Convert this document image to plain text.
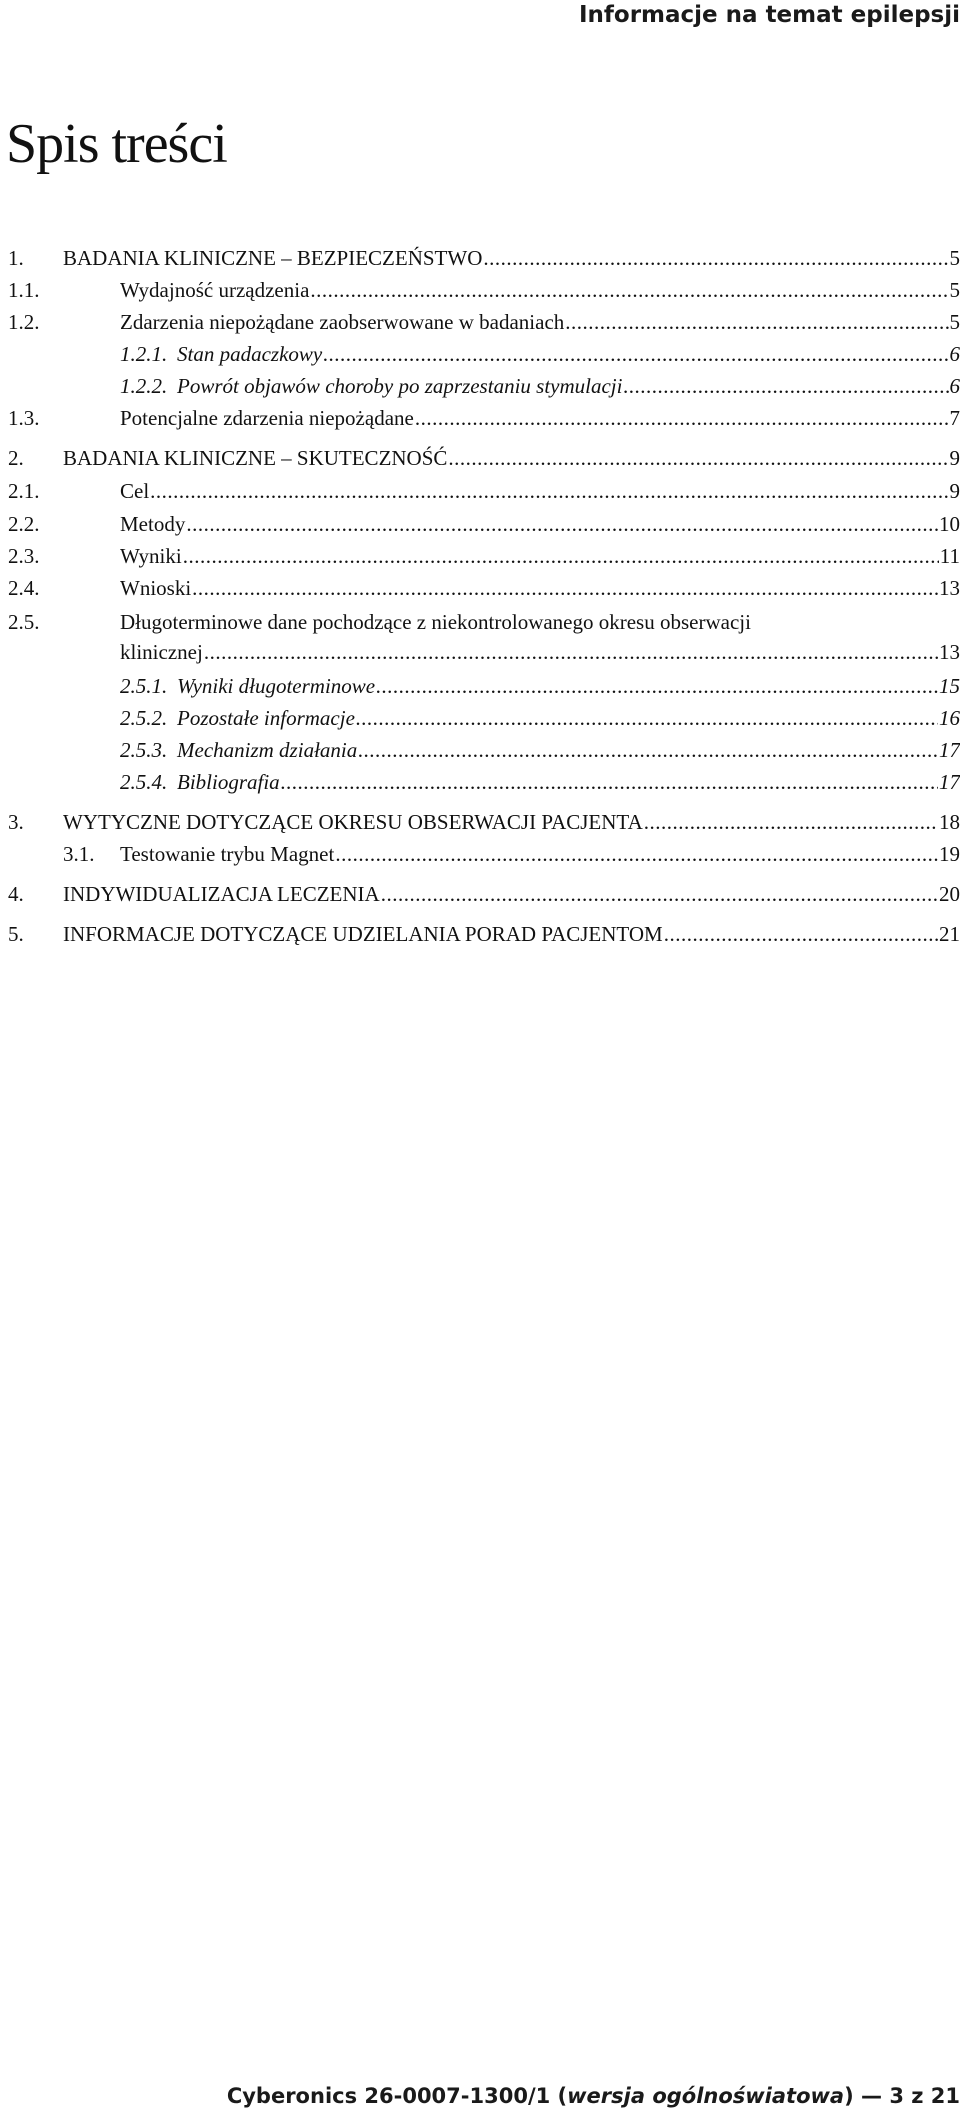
Informacje na temat epilepsji
Spis treści
1. BADANIA KLINICZNE – BEZPIECZEŃSTWO .....	5
1.1.	Wydajność urządzenia .....	5
1.2.	Zdarzenia niepożądane zaobserwowane w badaniach .....	5
1.2.1. Stan padaczkowy .....	6
1.2.2. Powrót objawów choroby po zaprzestaniu stymulacji .....	6
1.3.	Potencjalne zdarzenia niepożądane .....	7
2. BADANIA KLINICZNE – SKUTECZNOŚĆ .....	9
2.1.	Cel .....	9
2.2.	Metody .....	10
2.3.	Wyniki .....	11
2.4.	Wnioski .....	13
2.5.	Długoterminowe dane pochodzące z niekontrolowanego okresu obserwacji
klinicznej .....	13
2.5.1. Wyniki długoterminowe .....	15
2.5.2. Pozostałe informacje .....	16
2.5.3. Mechanizm działania .....	17
2.5.4. Bibliografia .....	17
3. WYTYCZNE DOTYCZĄCE OKRESU OBSERWACJI PACJENTA .....	18
3.1. Testowanie trybu Magnet .....	19
4. INDYWIDUALIZACJA LECZENIA .....	20
5. INFORMACJE DOTYCZĄCE UDZIELANIA PORAD PACJENTOM .....	21
Cyberonics 26-0007-1300/1 (wersja ogólnoświatowa) — 3 z 21
